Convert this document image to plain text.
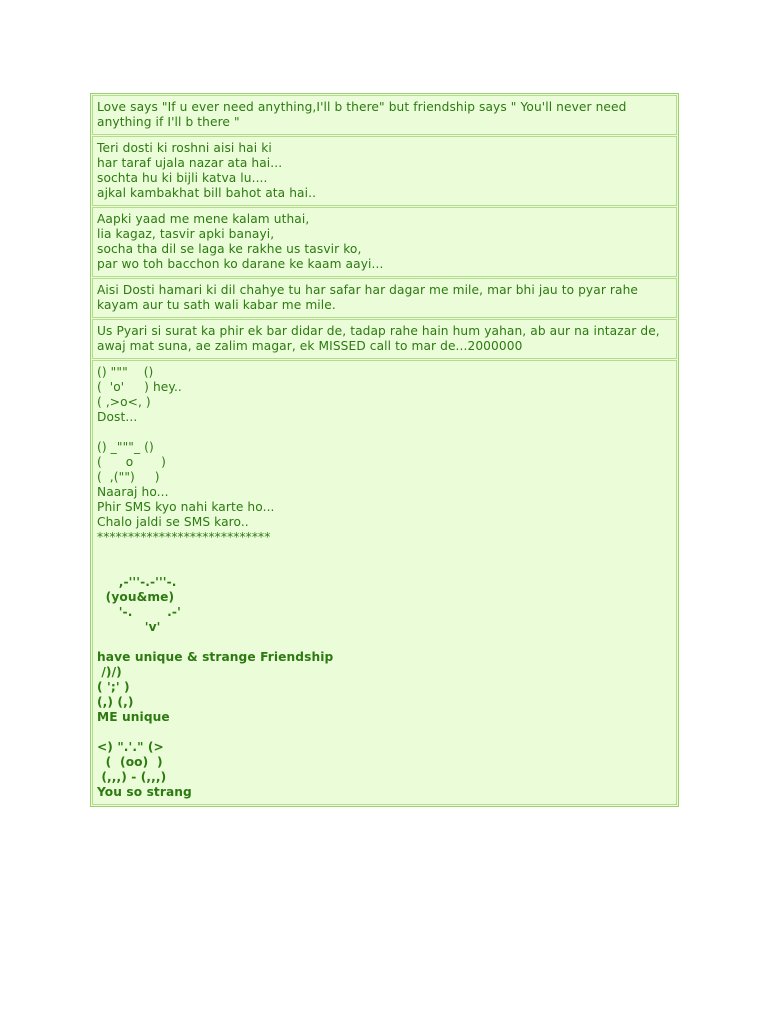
Love says "If u ever need anything,I'll b there" but friendship says " You'll never need anything if I'll b there "
Teri dosti ki roshni aisi hai ki
har taraf ujala nazar ata hai...
sochta hu ki bijli katva lu....
ajkal kambakhat bill bahot ata hai..
Aapki yaad me mene kalam uthai,
lia kagaz, tasvir apki banayi,
socha tha dil se laga ke rakhe us tasvir ko,
par wo toh bacchon ko darane ke kaam aayi...
Aisi Dosti hamari ki dil chahye tu har safar har dagar me mile, mar bhi jau to pyar rahe kayam aur tu sath wali kabar me mile.
Us Pyari si surat ka phir ek bar didar de, tadap rahe hain hum yahan, ab aur na intazar de, awaj mat suna, ae zalim magar, ek MISSED call to mar de...2000000
() """    ()
(  'o'     ) hey..
( ,>o<, )
Dost...
() _"""_ ()
(      o       )
(  ,("")     )
Naaraj ho...
Phir SMS kyo nahi karte ho...
Chalo jaldi se SMS karo..
****************************
,-'''-.-'''-.
(you&me)
'-.        .-'
'v'
have unique & strange Friendship
/)/)
( ';' )
(,) (,)
ME unique
<) ".'." (>
(  (oo)  )
(,,,) - (,,,)
You so strang
